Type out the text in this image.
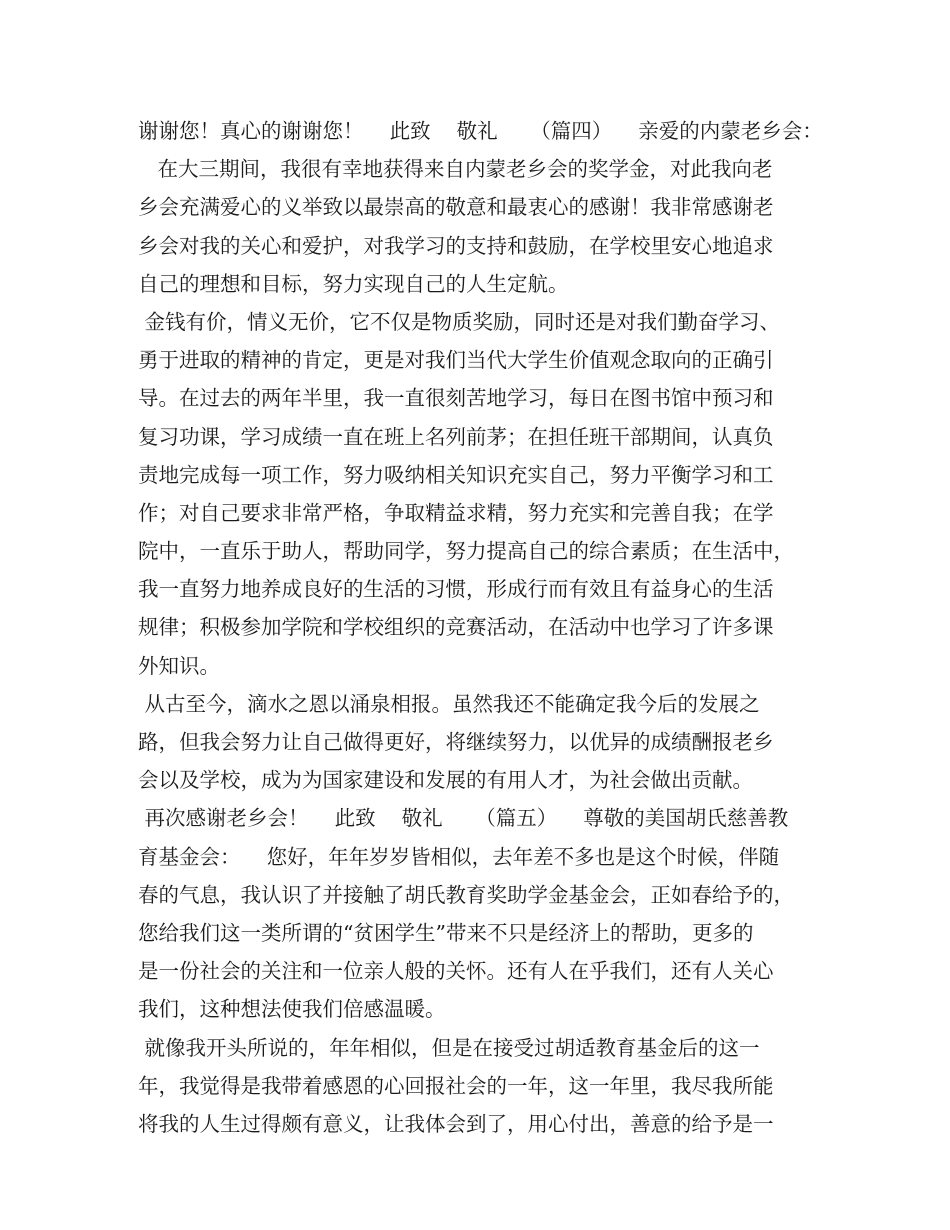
谢谢您！真心的谢谢您！    此致    敬礼     （篇四）    亲爱的内蒙老乡会：
在大三期间，我很有幸地获得来自内蒙老乡会的奖学金，对此我向老
乡会充满爱心的义举致以最崇高的敬意和最衷心的感谢！我非常感谢老
乡会对我的关心和爱护，对我学习的支持和鼓励，在学校里安心地追求
自己的理想和目标，努力实现自己的人生定航。
金钱有价，情义无价，它不仅是物质奖励，同时还是对我们勤奋学习、
勇于进取的精神的肯定，更是对我们当代大学生价值观念取向的正确引
导。在过去的两年半里，我一直很刻苦地学习，每日在图书馆中预习和
复习功课，学习成绩一直在班上名列前茅；在担任班干部期间，认真负
责地完成每一项工作，努力吸纳相关知识充实自己，努力平衡学习和工
作；对自己要求非常严格，争取精益求精，努力充实和完善自我；在学
院中，一直乐于助人，帮助同学，努力提高自己的综合素质；在生活中，
我一直努力地养成良好的生活的习惯，形成行而有效且有益身心的生活
规律；积极参加学院和学校组织的竞赛活动，在活动中也学习了许多课
外知识。
从古至今，滴水之恩以涌泉相报。虽然我还不能确定我今后的发展之
路，但我会努力让自己做得更好，将继续努力，以优异的成绩酬报老乡
会以及学校，成为为国家建设和发展的有用人才，为社会做出贡献。
再次感谢老乡会！    此致    敬礼     （篇五）    尊敬的美国胡氏慈善教
育基金会：    您好，年年岁岁皆相似，去年差不多也是这个时候，伴随
春的气息，我认识了并接触了胡氏教育奖助学金基金会，正如春给予的，
您给我们这一类所谓的“贫困学生”带来不只是经济上的帮助，更多的
是一份社会的关注和一位亲人般的关怀。还有人在乎我们，还有人关心
我们，这种想法使我们倍感温暖。
就像我开头所说的，年年相似，但是在接受过胡适教育基金后的这一
年，我觉得是我带着感恩的心回报社会的一年，这一年里，我尽我所能
将我的人生过得颇有意义，让我体会到了，用心付出，善意的给予是一
